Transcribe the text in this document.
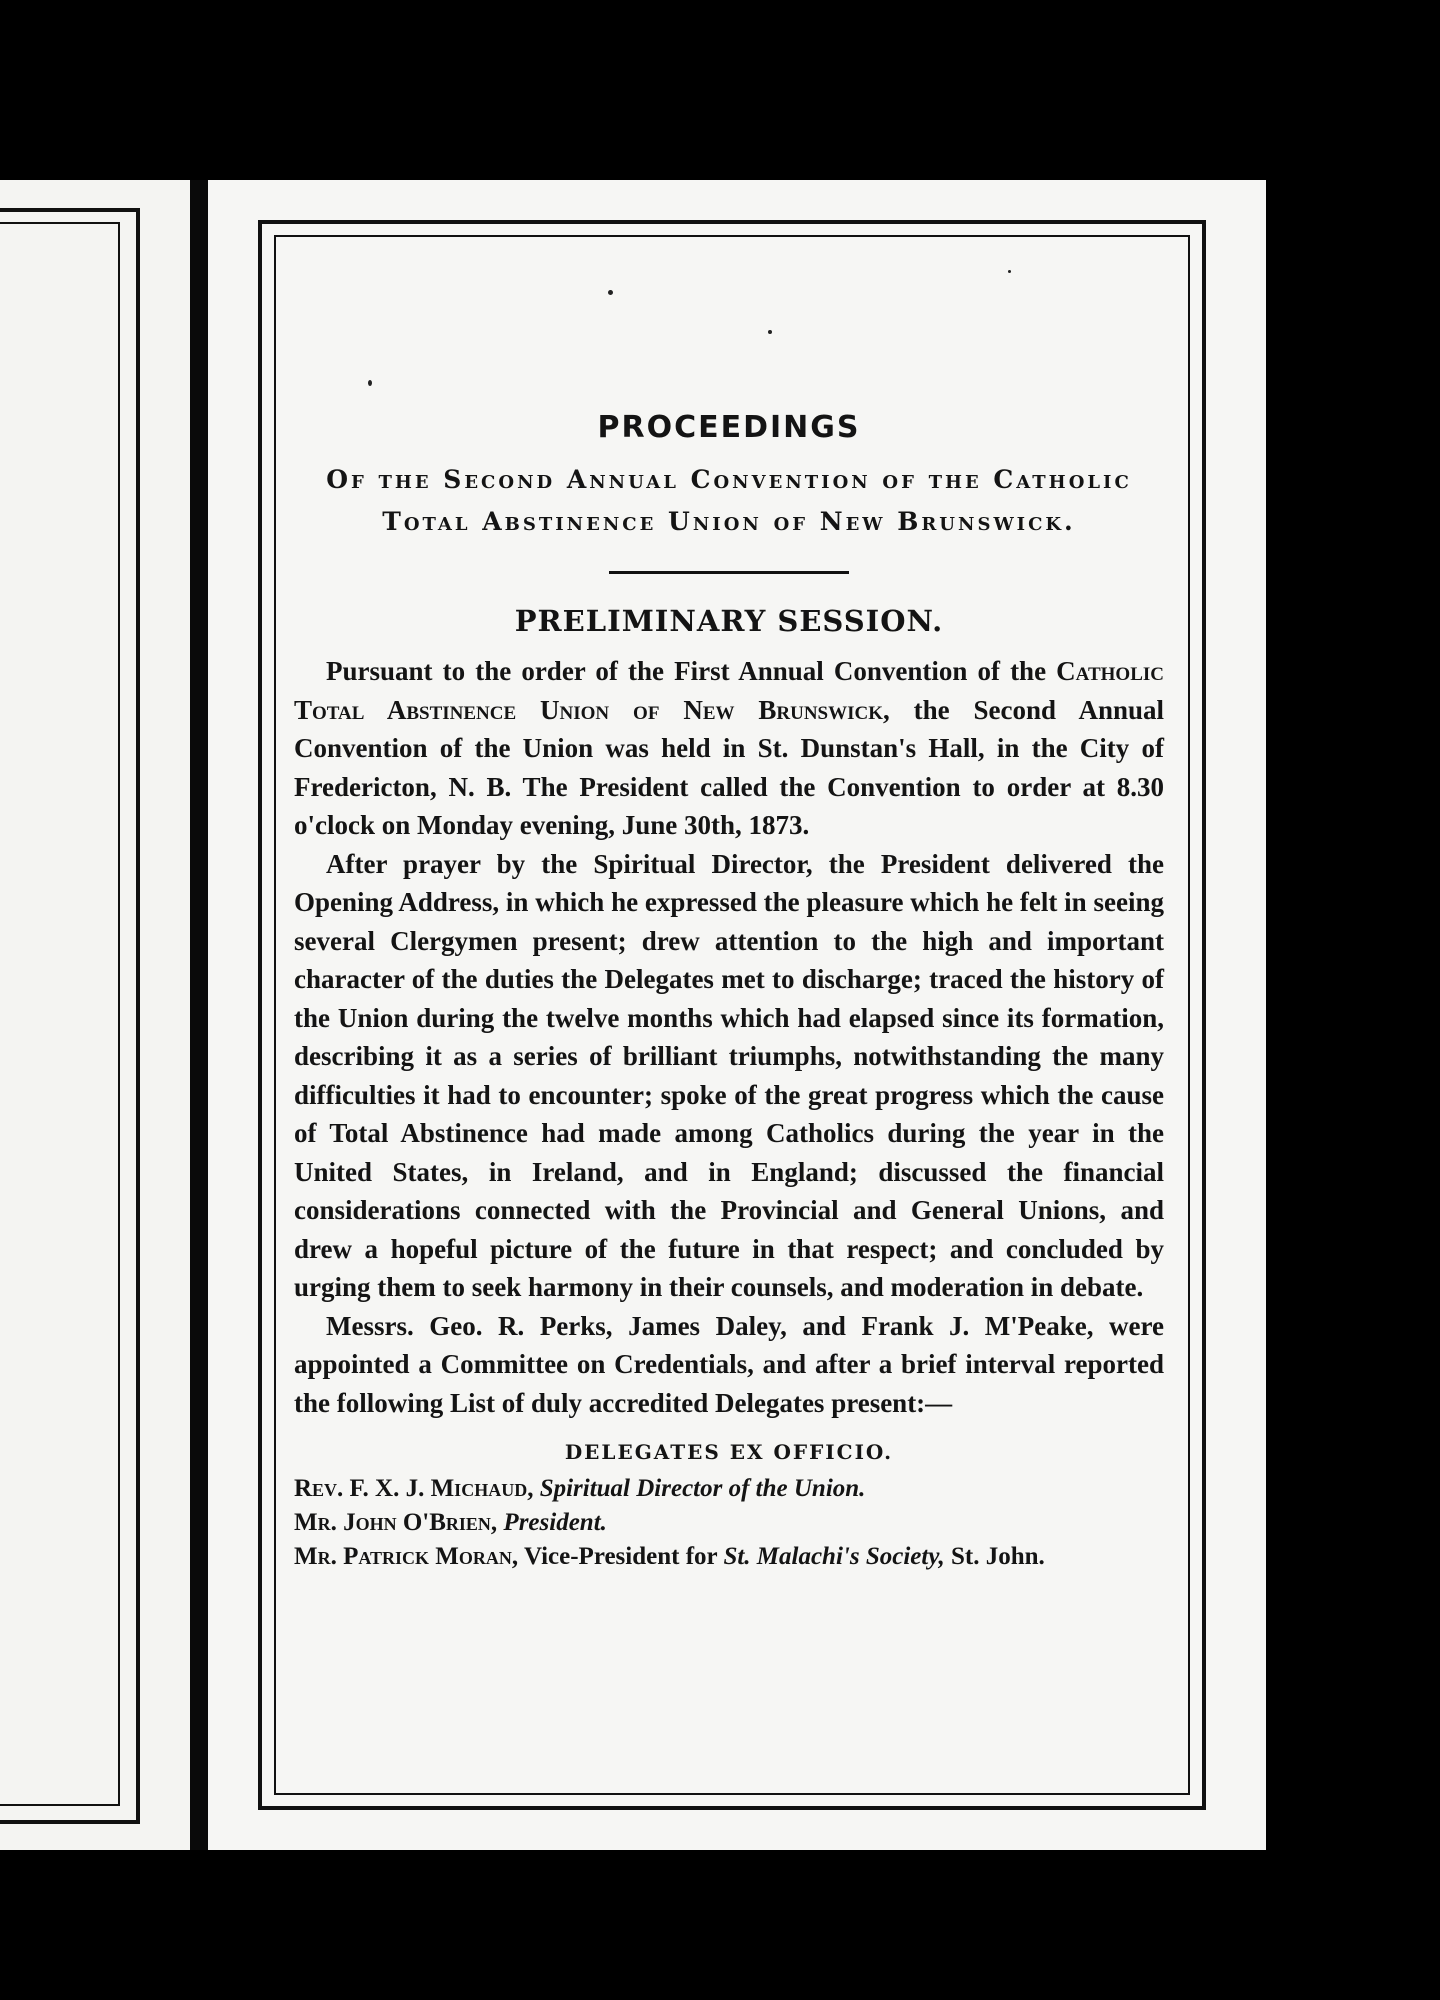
PROCEEDINGS

Of the Second Annual Convention of the Catholic

Total Abstinence Union of New Brunswick.

PRELIMINARY SESSION.

Pursuant to the order of the First Annual Convention of the Catholic Total Abstinence Union of New Brunswick, the Second Annual Convention of the Union was held in St. Dunstan's Hall, in the City of Fredericton, N. B. The President called the Convention to order at 8.30 o'clock on Monday evening, June 30th, 1873.

After prayer by the Spiritual Director, the President delivered the Opening Address, in which he expressed the pleasure which he felt in seeing several Clergymen present; drew attention to the high and important character of the duties the Delegates met to discharge; traced the history of the Union during the twelve months which had elapsed since its formation, describing it as a series of brilliant triumphs, notwithstanding the many difficulties it had to encounter; spoke of the great progress which the cause of Total Abstinence had made among Catholics during the year in the United States, in Ireland, and in England; discussed the financial considerations connected with the Provincial and General Unions, and drew a hopeful picture of the future in that respect; and concluded by urging them to seek harmony in their counsels, and moderation in debate.

Messrs. Geo. R. Perks, James Daley, and Frank J. M'Peake, were appointed a Committee on Credentials, and after a brief interval reported the following List of duly accredited Delegates present:—

DELEGATES EX OFFICIO.

Rev. F. X. J. Michaud, Spiritual Director of the Union.

Mr. John O'Brien, President.

Mr. Patrick Moran, Vice-President for St. Malachi's Society, St. John.
